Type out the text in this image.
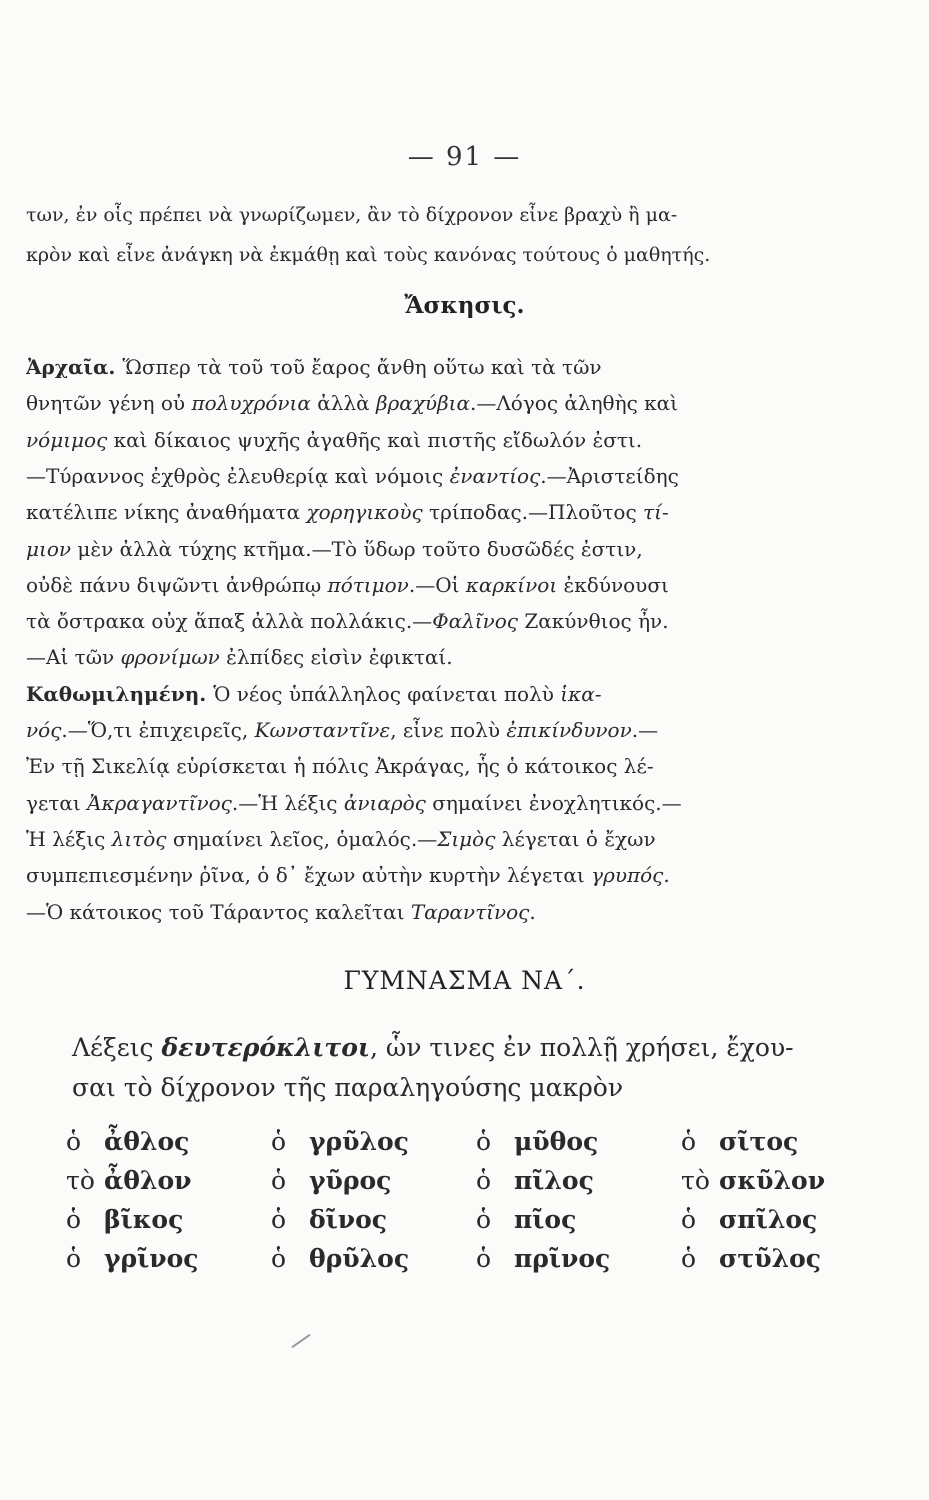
— 91 —
των, ἐν οἷς πρέπει νὰ γνωρίζωμεν, ἂν τὸ δίχρονον εἶνε βραχὺ ἢ μα-
κρὸν καὶ εἶνε ἀνάγκη νὰ ἐκμάθῃ καὶ τοὺς κανόνας τούτους ὁ μαθητής.
Ἄσκησις.
Ἀρχαῖα. Ὥσπερ τὰ τοῦ τοῦ ἔαρος ἄνθη οὕτω καὶ τὰ τῶν
θνητῶν γένη οὐ πολυχρόνια ἀλλὰ βραχύβια.—Λόγος ἀληθὴς καὶ
νόμιμος καὶ δίκαιος ψυχῆς ἀγαθῆς καὶ πιστῆς εἴδωλόν ἐστι.
—Τύραννος ἐχθρὸς ἐλευθερίᾳ καὶ νόμοις ἐναντίος.—Ἀριστείδης
κατέλιπε νίκης ἀναθήματα χορηγικοὺς τρίποδας.—Πλοῦτος τί-
μιον μὲν ἀλλὰ τύχης κτῆμα.—Τὸ ὕδωρ τοῦτο δυσῶδές ἐστιν,
οὐδὲ πάνυ διψῶντι ἀνθρώπῳ πότιμον.—Οἱ καρκίνοι ἐκδύνουσι
τὰ ὄστρακα οὐχ ἅπαξ ἀλλὰ πολλάκις.—Φαλῖνος Ζακύνθιος ἦν.
—Αἱ τῶν φρονίμων ἐλπίδες εἰσὶν ἐφικταί.
Καθωμιλημένη. Ὁ νέος ὑπάλληλος φαίνεται πολὺ ἱκα-
νός.—Ὅ,τι ἐπιχειρεῖς, Κωνσταντῖνε, εἶνε πολὺ ἐπικίνδυνον.—
Ἐν τῇ Σικελίᾳ εὑρίσκεται ἡ πόλις Ἀκράγας, ἧς ὁ κάτοικος λέ-
γεται Ἀκραγαντῖνος.—Ἡ λέξις ἀνιαρὸς σημαίνει ἐνοχλητικός.—
Ἡ λέξις λιτὸς σημαίνει λεῖος, ὁμαλός.—Σιμὸς λέγεται ὁ ἔχων
συμπεπιεσμένην ῥῖνα, ὁ δ᾽ ἔχων αὐτὴν κυρτὴν λέγεται γρυπός.
—Ὁ κάτοικος τοῦ Τάραντος καλεῖται Ταραντῖνος.
ΓΥΜΝΑΣΜΑ ΝΑ΄.
Λέξεις δευτερόκλιτοι, ὧν τινες ἐν πολλῇ χρήσει, ἔχου-
σαι τὸ δίχρονον τῆς παραληγούσης μακρὸν
ὁ ἆθλος	ὁ γρῦλος	ὁ μῦθος	ὁ σῖτος
τὸ ἆθλον	ὁ γῦρος	ὁ πῖλος	τὸ σκῦλον
ὁ βῖκος	ὁ δῖνος	ὁ πῖος	ὁ σπῖλος
ὁ γρῖνος	ὁ θρῦλος	ὁ πρῖνος	ὁ στῦλος
